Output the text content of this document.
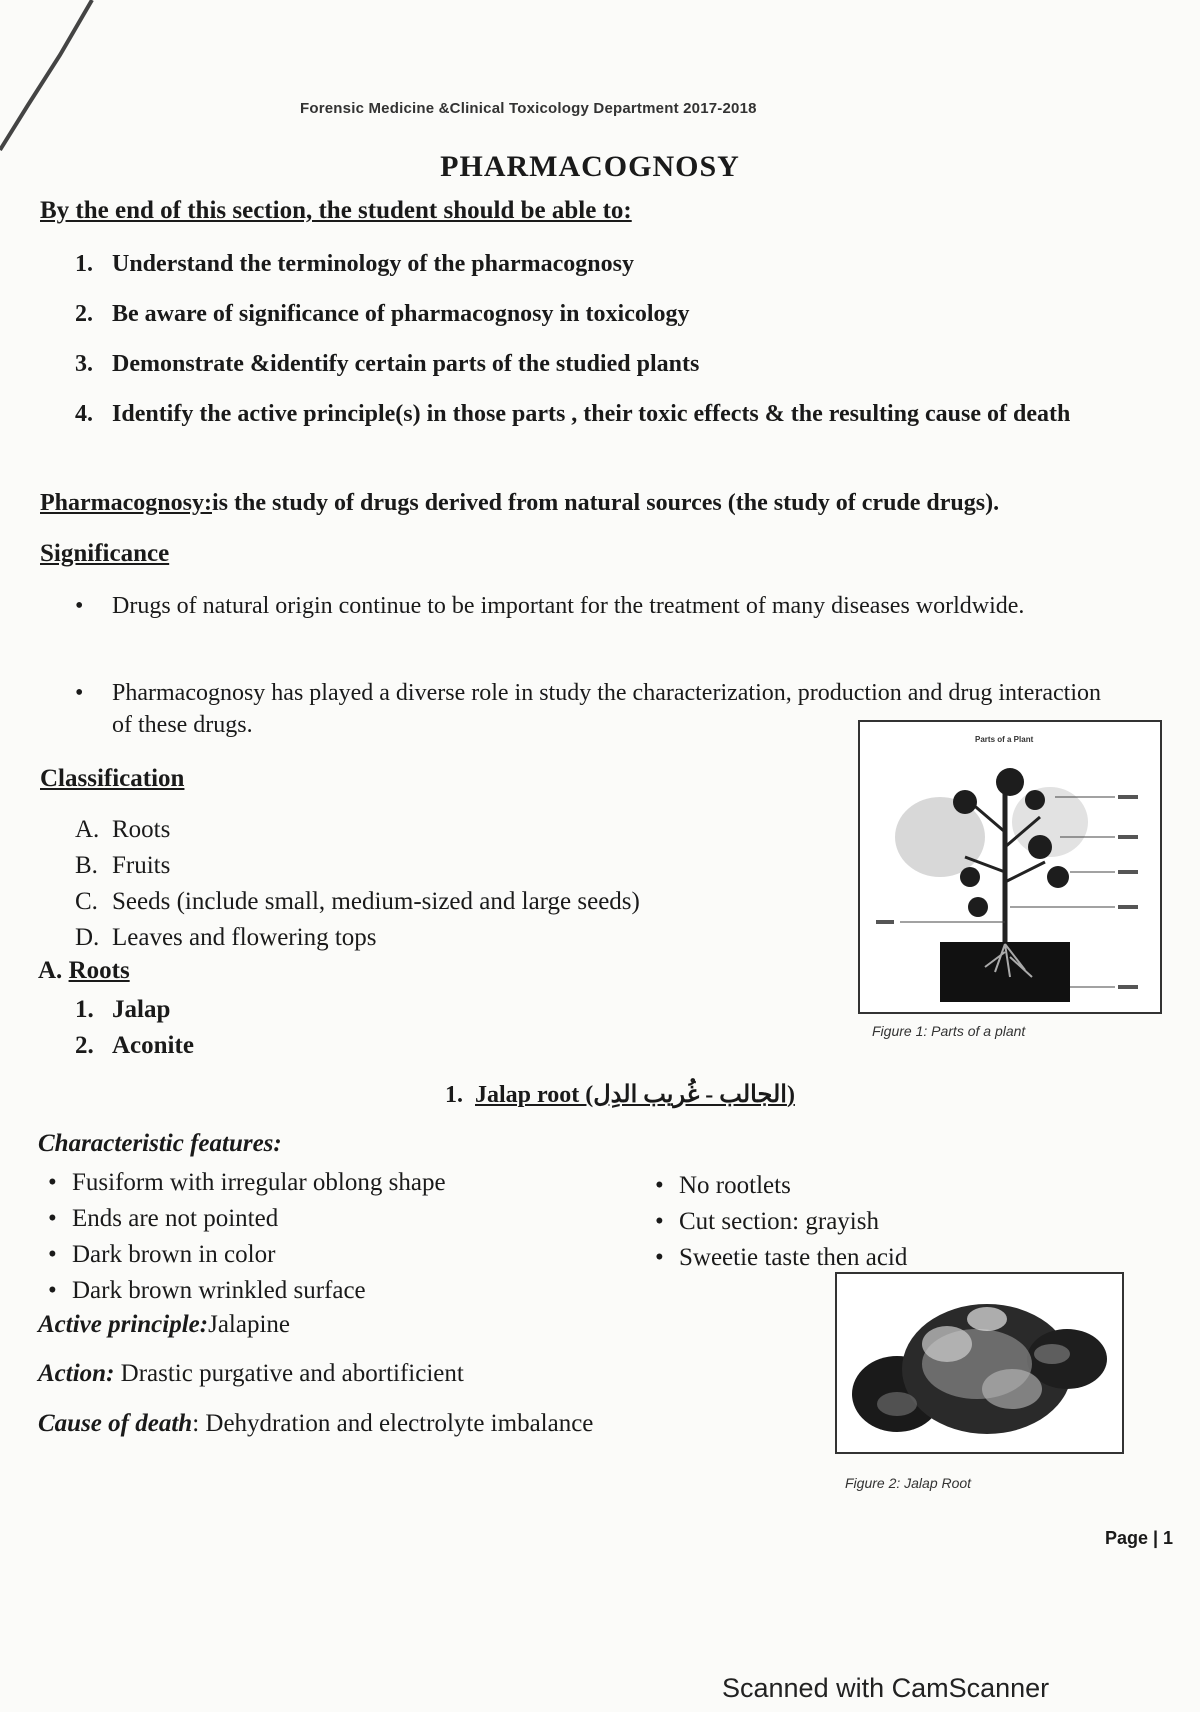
Forensic Medicine &Clinical Toxicology Department 2017-2018
PHARMACOGNOSY
By the end of this section, the student should be able to:
1. Understand the terminology of the pharmacognosy
2. Be aware of significance of pharmacognosy in toxicology
3. Demonstrate &identify certain parts of the studied plants
4. Identify the active principle(s) in those parts , their toxic effects & the resulting cause of death
Pharmacognosy:is the study of drugs derived from natural sources (the study of crude drugs).
Significance
• Drugs of natural origin continue to be important for the treatment of many diseases worldwide.
• Pharmacognosy has played a diverse role in study the characterization, production and drug interaction of these drugs.
Classification
A. Roots
B. Fruits
C. Seeds (include small, medium-sized and large seeds)
D. Leaves and flowering tops
A. Roots
1. Jalap
2. Aconite
Parts of a Plant
Figure 1: Parts of a plant
1. Jalap root (الجالب - غُريب الدِل)
Characteristic features:
• Fusiform with irregular oblong shape
• Ends are not pointed
• Dark brown in color
• Dark brown wrinkled surface
• No rootlets
• Cut section: grayish
• Sweetie taste then acid
Active principle:Jalapine
Action: Drastic purgative and abortificient
Cause of death: Dehydration and electrolyte imbalance
Figure 2: Jalap Root
Page | 1
Scanned with CamScanner
